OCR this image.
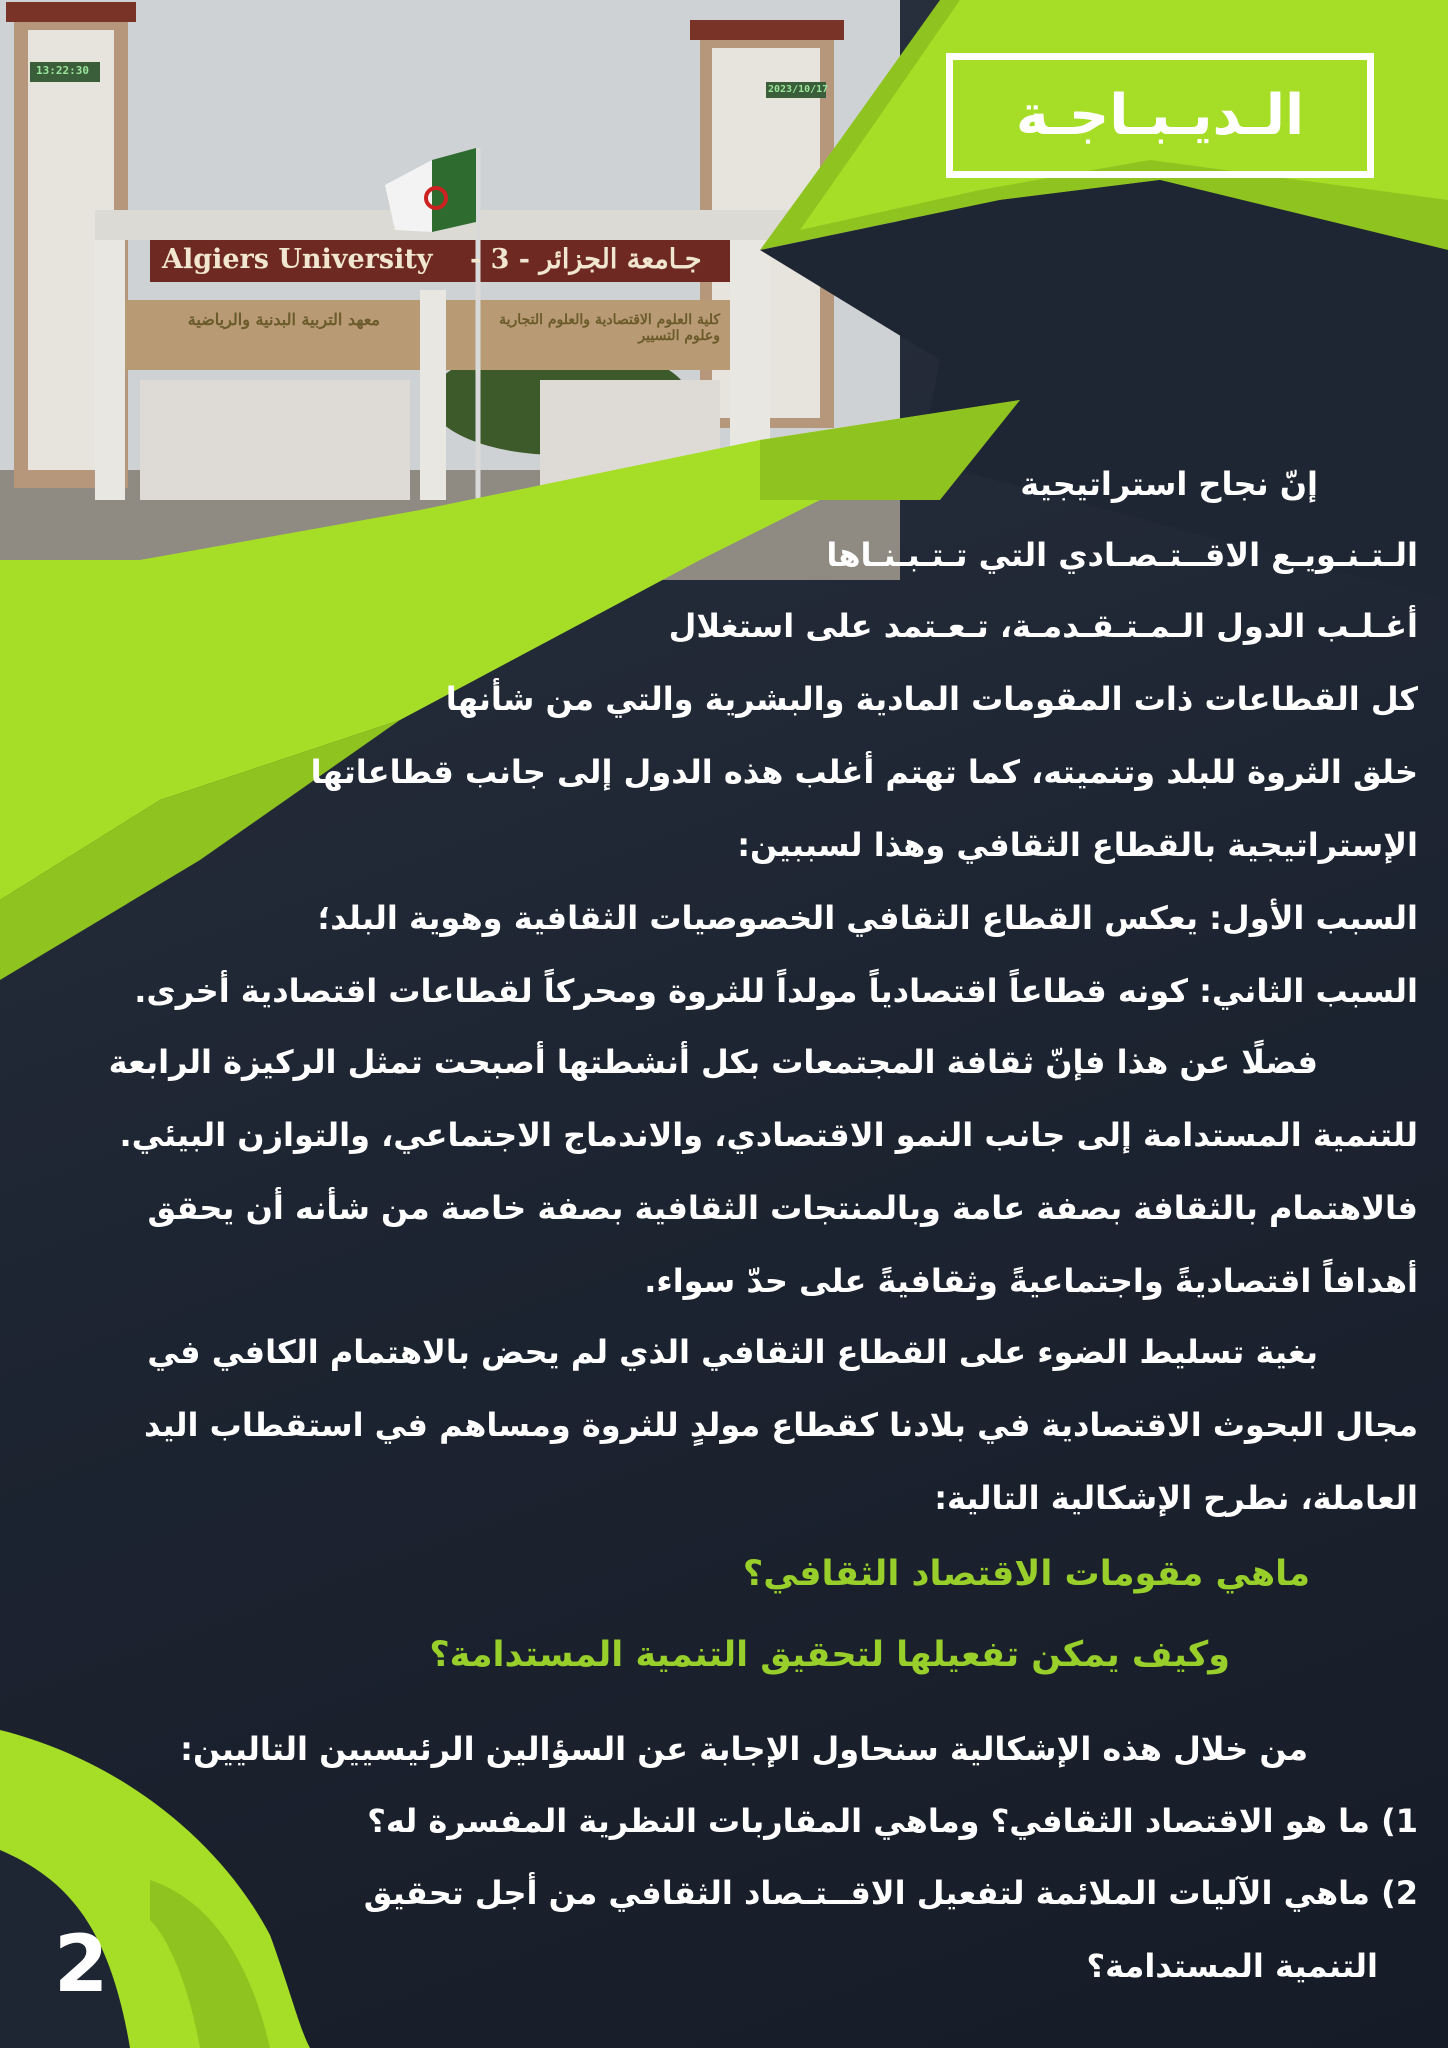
Algiers University جـامعة الجزائر - 3 -
معهد التربية البدنية والرياضية	كلية العلوم الاقتصادية والعلوم التجارية وعلوم التسيير
13:22:30
2023/10/17	الـديـبـاجـة
إنّ نجاح استراتيجية
الـتـنـويـع الاقــتـصـادي التي تـتـبـنـاها
أغـلـب الدول الـمـتـقـدمـة، تـعـتمد على استغلال
كل القطاعات ذات المقومات المادية والبشرية والتي من شأنها
خلق الثروة للبلد وتنميته، كما تهتم أغلب هذه الدول إلى جانب قطاعاتها
الإستراتيجية بالقطاع الثقافي وهذا لسببين:
السبب الأول: يعكس القطاع الثقافي الخصوصيات الثقافية وهوية البلد؛
السبب الثاني: كونه قطاعاً اقتصادياً مولداً للثروة ومحركاً لقطاعات اقتصادية أخرى.
فضلًا عن هذا فإنّ ثقافة المجتمعات بكل أنشطتها أصبحت تمثل الركيزة الرابعة
للتنمية المستدامة إلى جانب النمو الاقتصادي، والاندماج الاجتماعي، والتوازن البيئي.
فالاهتمام بالثقافة بصفة عامة وبالمنتجات الثقافية بصفة خاصة من شأنه أن يحقق
أهدافاً اقتصاديةً واجتماعيةً وثقافيةً على حدّ سواء.
بغية تسليط الضوء على القطاع الثقافي الذي لم يحض بالاهتمام الكافي في
مجال البحوث الاقتصادية في بلادنا كقطاع مولدٍ للثروة ومساهم في استقطاب اليد
العاملة، نطرح الإشكالية التالية:
ماهي مقومات الاقتصاد الثقافي؟
وكيف يمكن تفعيلها لتحقيق التنمية المستدامة؟
من خلال هذه الإشكالية سنحاول الإجابة عن السؤالين الرئيسيين التاليين:
1) ما هو الاقتصاد الثقافي؟ وماهي المقاربات النظرية المفسرة له؟
2) ماهي الآليات الملائمة لتفعيل الاقــتـصاد الثقافي من أجل تحقيق
التنمية المستدامة؟
2
